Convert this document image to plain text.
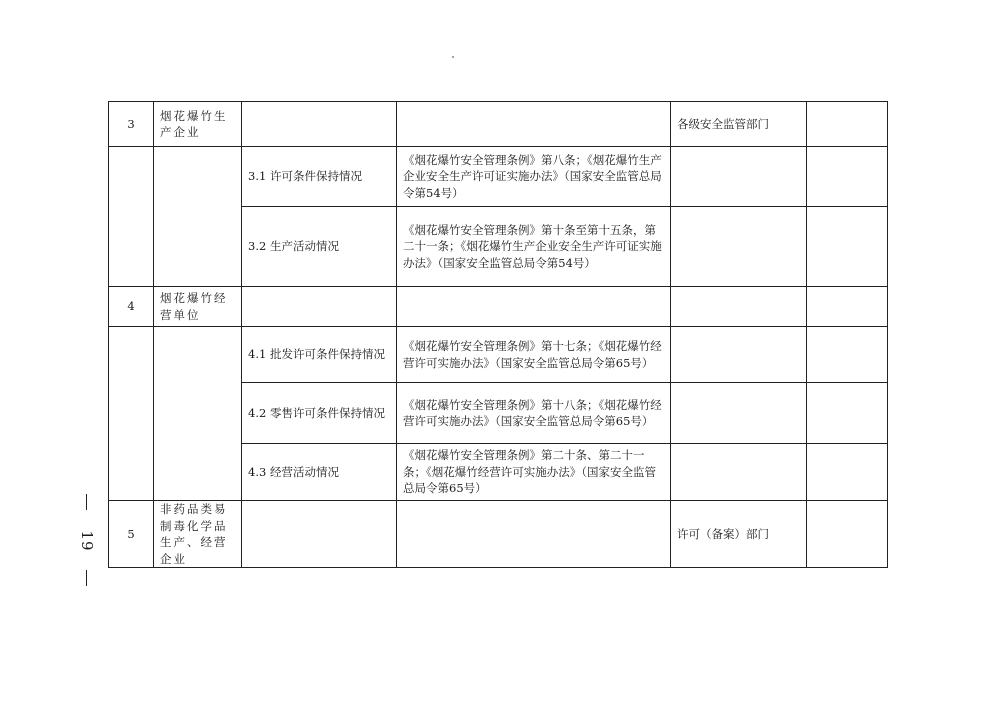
3	烟花爆竹生产企业			各级安全监管部门	
		3.1 许可条件保持情况	《烟花爆竹安全管理条例》第八条；《烟花爆竹生产企业安全生产许可证实施办法》（国家安全监管总局令第54号）		
		3.2 生产活动情况	《烟花爆竹安全管理条例》第十条至第十五条，第二十一条；《烟花爆竹生产企业安全生产许可证实施办法》（国家安全监管总局令第54号）		
4	烟花爆竹经营单位				
		4.1 批发许可条件保持情况	《烟花爆竹安全管理条例》第十七条；《烟花爆竹经营许可实施办法》（国家安全监管总局令第65号）		
		4.2 零售许可条件保持情况	《烟花爆竹安全管理条例》第十八条；《烟花爆竹经营许可实施办法》（国家安全监管总局令第65号）		
		4.3 经营活动情况	《烟花爆竹安全管理条例》第二十条、第二十一条；《烟花爆竹经营许可实施办法》（国家安全监管总局令第65号）		
5	非药品类易制毒化学品生产、经营企业			许可（备案）部门	
19
